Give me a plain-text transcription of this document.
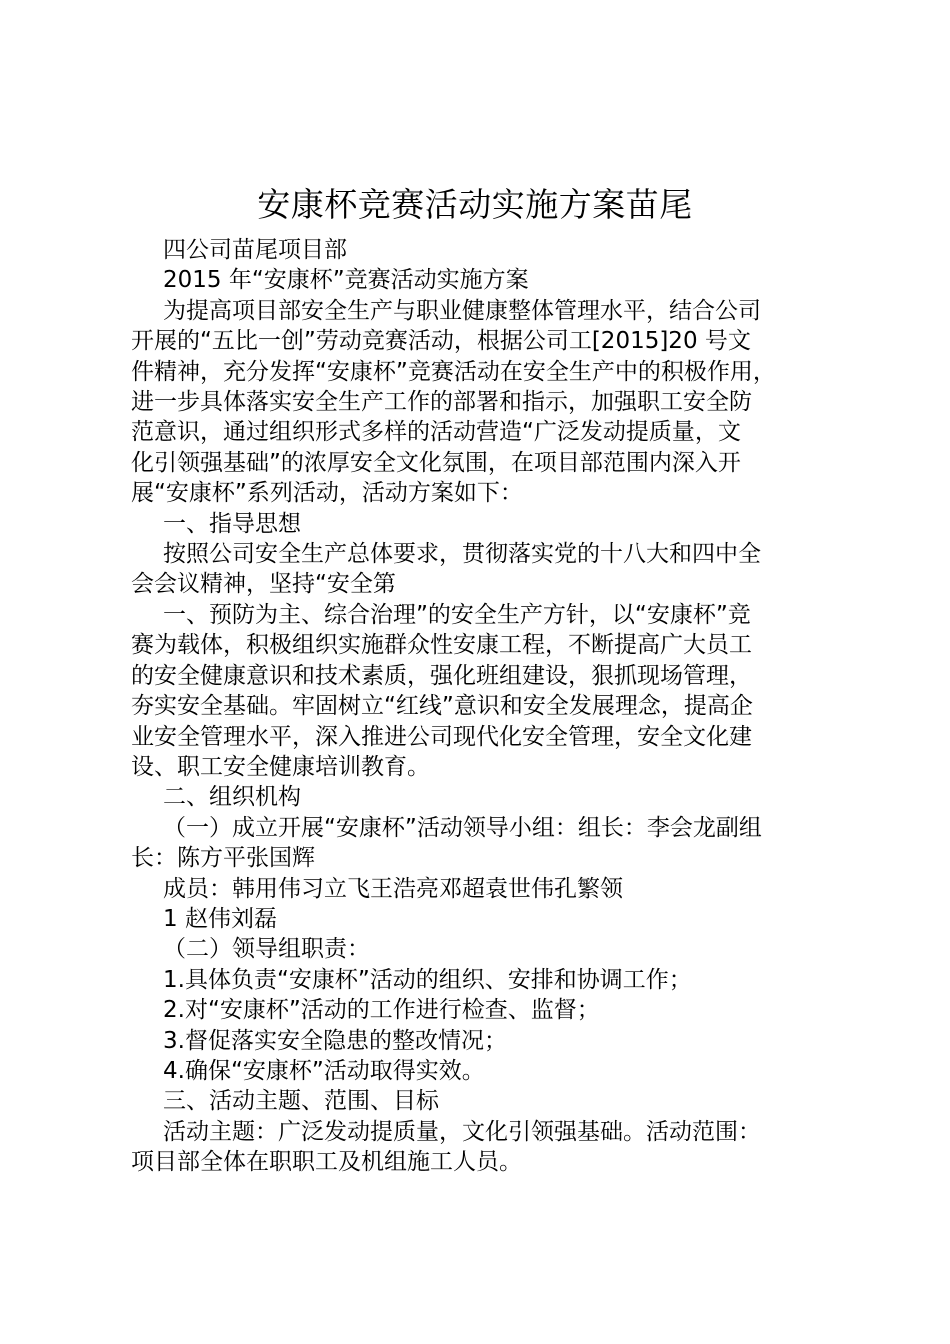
安康杯竞赛活动实施方案苗尾

四公司苗尾项目部

2015 年“安康杯”竞赛活动实施方案

为提高项目部安全生产与职业健康整体管理水平，结合公司

开展的“五比一创”劳动竞赛活动，根据公司工[2015]20 号文

件精神，充分发挥“安康杯”竞赛活动在安全生产中的积极作用，

进一步具体落实安全生产工作的部署和指示，加强职工安全防

范意识，通过组织形式多样的活动营造“广泛发动提质量，文

化引领强基础”的浓厚安全文化氛围，在项目部范围内深入开

展“安康杯”系列活动，活动方案如下：

一、指导思想

按照公司安全生产总体要求，贯彻落实党的十八大和四中全

会会议精神，坚持“安全第

一、预防为主、综合治理”的安全生产方针，以“安康杯”竞

赛为载体，积极组织实施群众性安康工程，不断提高广大员工

的安全健康意识和技术素质，强化班组建设，狠抓现场管理，

夯实安全基础。牢固树立“红线”意识和安全发展理念，提高企

业安全管理水平，深入推进公司现代化安全管理，安全文化建

设、职工安全健康培训教育。

二、组织机构

（一）成立开展“安康杯”活动领导小组：组长：李会龙副组

长：陈方平张国辉

成员：韩用伟习立飞王浩亮邓超袁世伟孔繁领

1 赵伟刘磊

（二）领导组职责：

1.具体负责“安康杯”活动的组织、安排和协调工作；

2.对“安康杯”活动的工作进行检查、监督；

3.督促落实安全隐患的整改情况；

4.确保“安康杯”活动取得实效。

三、活动主题、范围、目标

活动主题：广泛发动提质量，文化引领强基础。活动范围：

项目部全体在职职工及机组施工人员。
